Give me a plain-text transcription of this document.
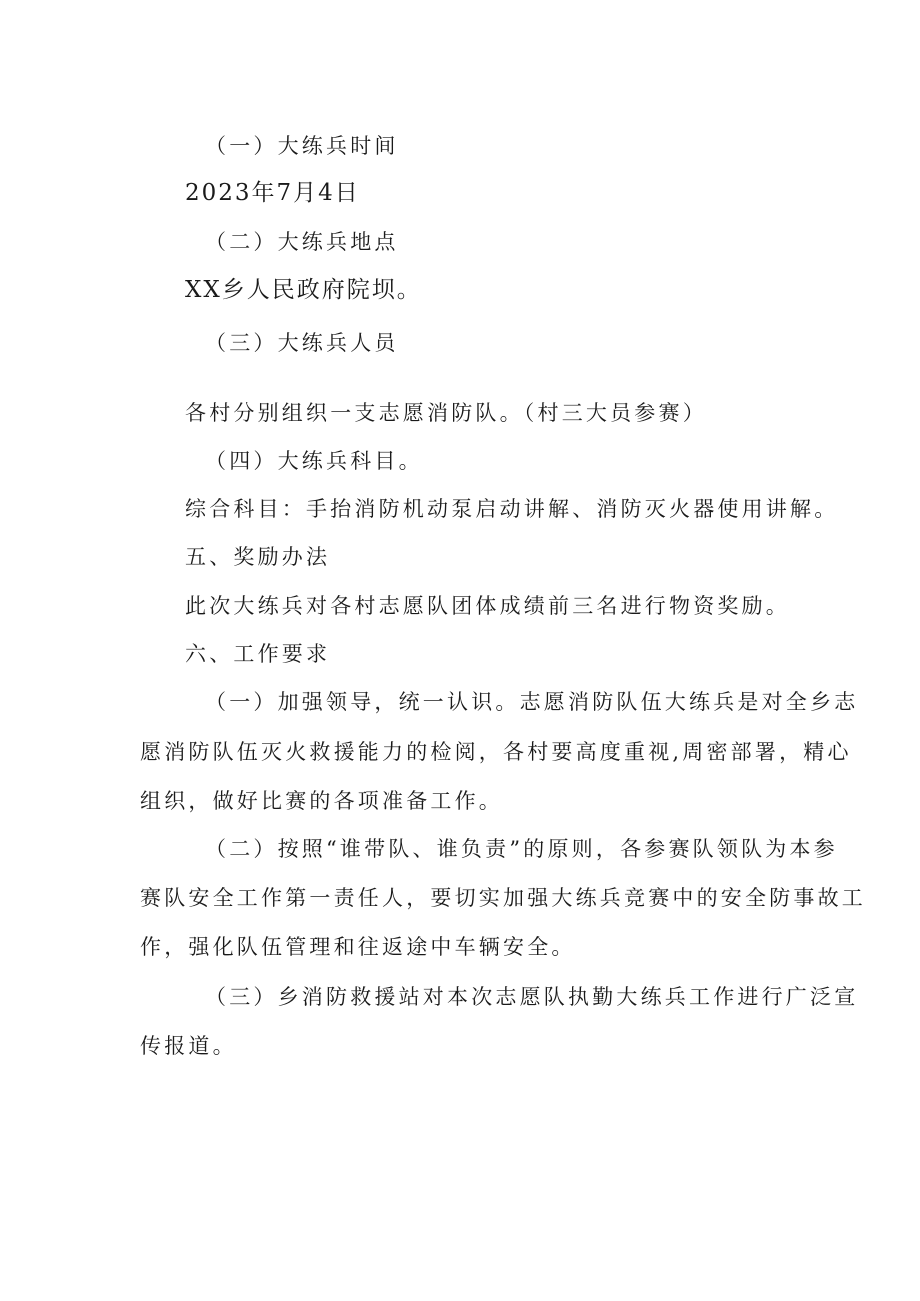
（一）大练兵时间
2023年7月4日
（二）大练兵地点
XX乡人民政府院坝。
（三）大练兵人员
各村分别组织一支志愿消防队。（村三大员参赛）
（四）大练兵科目。
综合科目：手抬消防机动泵启动讲解、消防灭火器使用讲解。
五、奖励办法
此次大练兵对各村志愿队团体成绩前三名进行物资奖励。
六、工作要求
（一）加强领导，统一认识。志愿消防队伍大练兵是对全乡志
愿消防队伍灭火救援能力的检阅，各村要高度重视,周密部署，精心
组织，做好比赛的各项准备工作。
（二）按照“谁带队、谁负责”的原则，各参赛队领队为本参
赛队安全工作第一责任人，要切实加强大练兵竞赛中的安全防事故工
作，强化队伍管理和往返途中车辆安全。
（三）乡消防救援站对本次志愿队执勤大练兵工作进行广泛宣
传报道。
